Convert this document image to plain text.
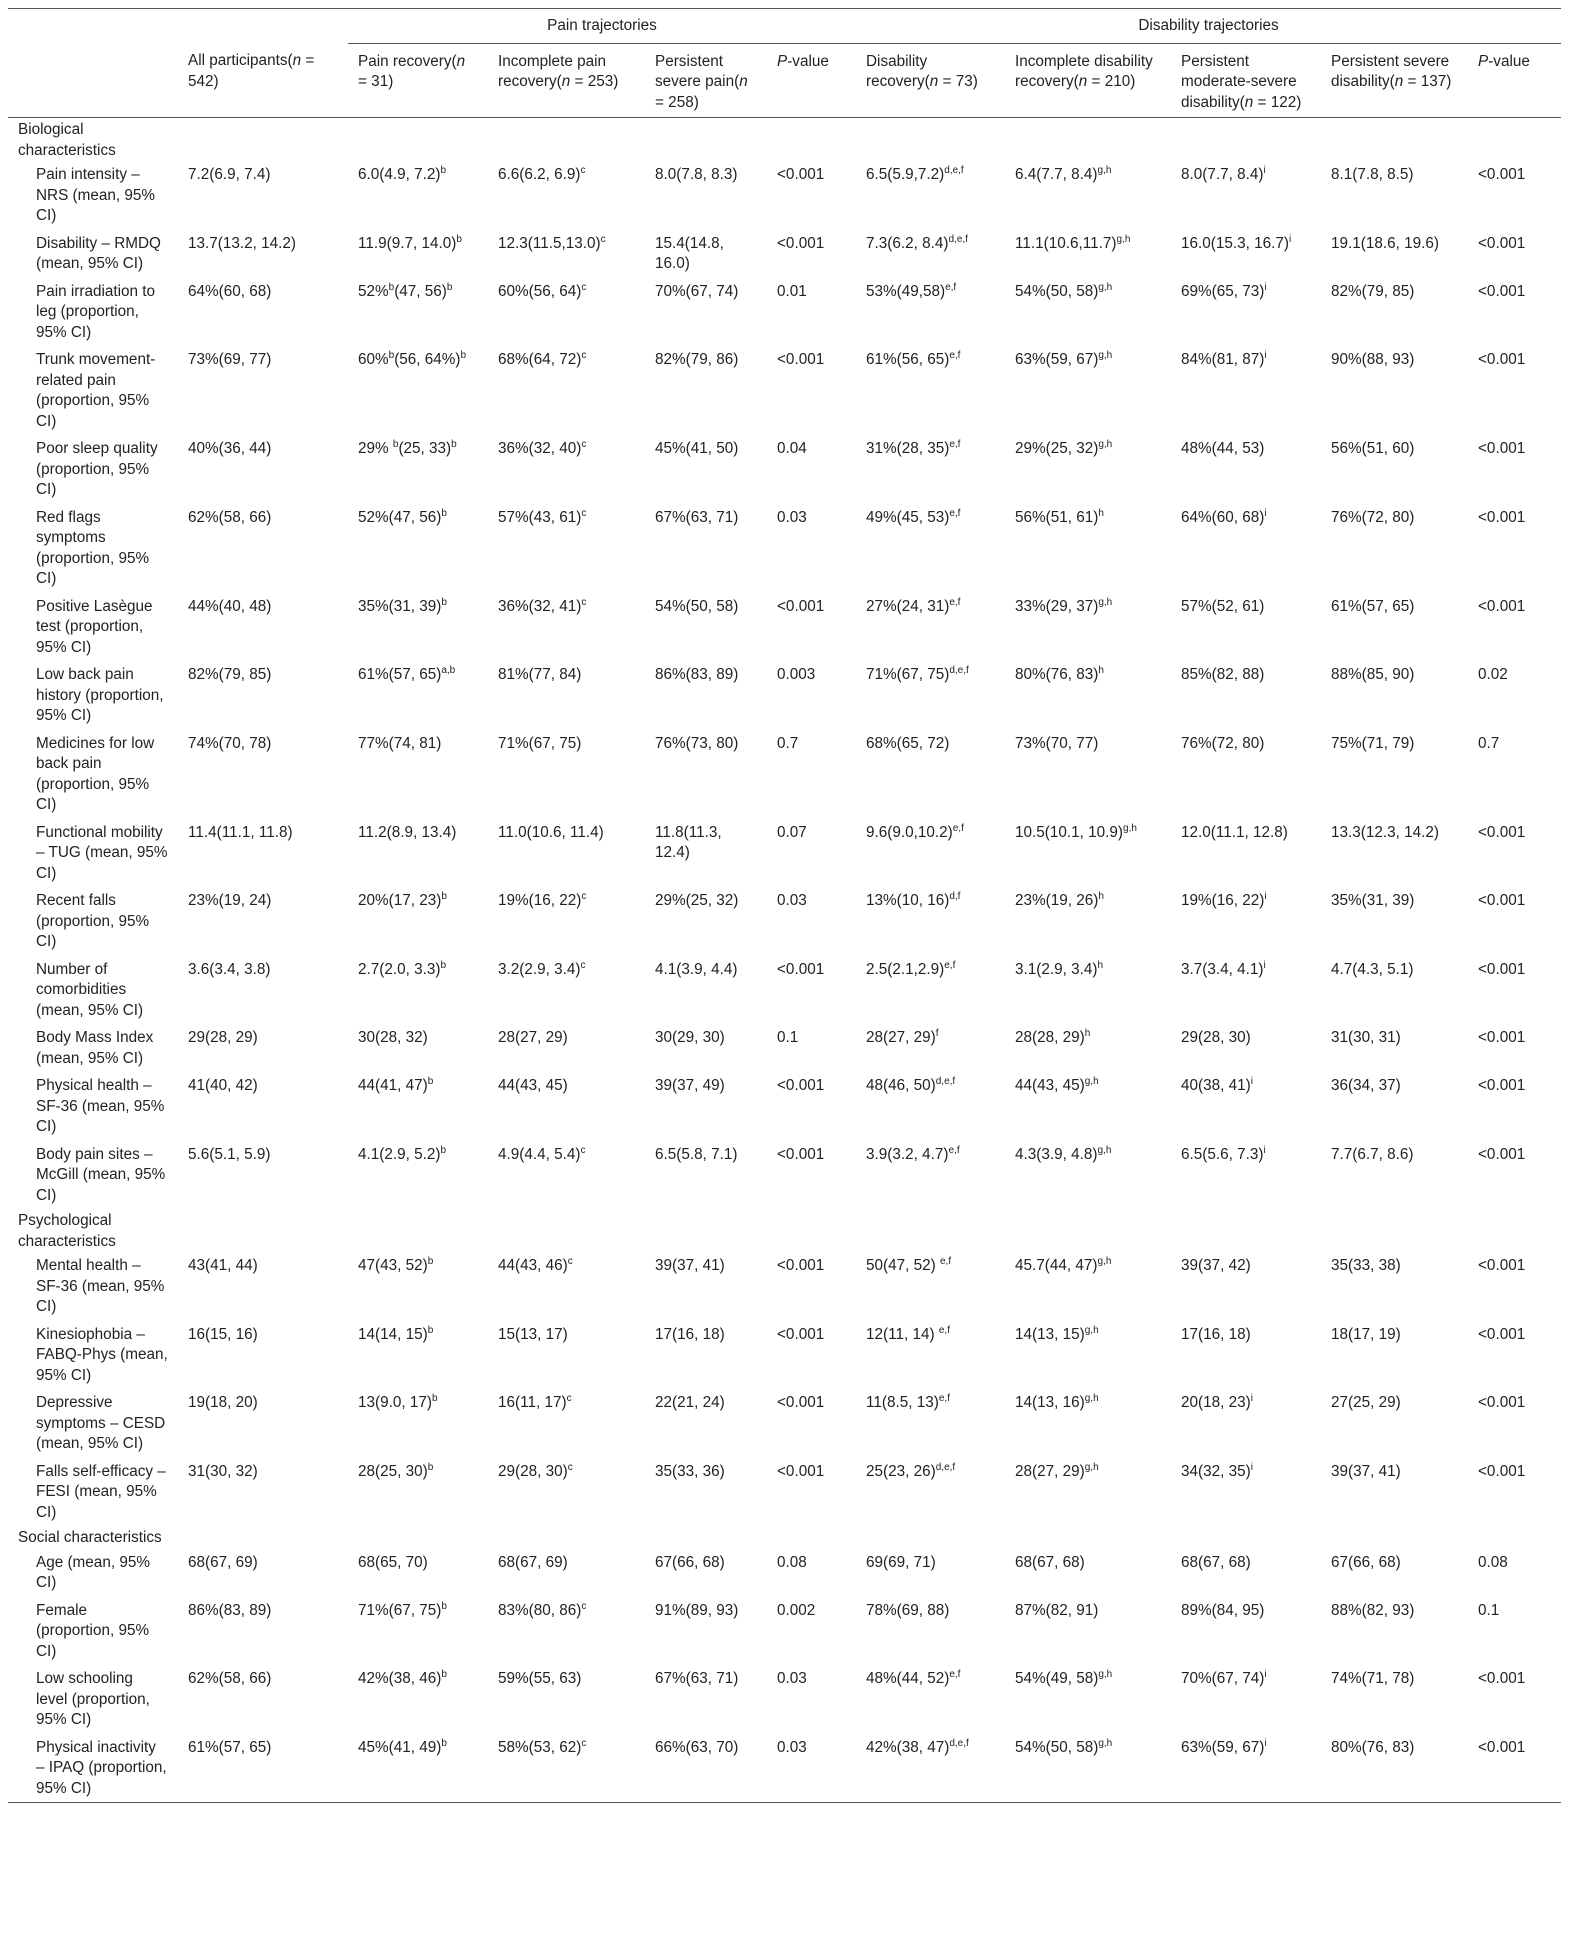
		Pain trajectories				Disability trajectories				
	All participants(n = 542)	Pain recovery(n = 31)	Incomplete pain recovery(n = 253)	Persistent severe pain(n = 258)	P-value	Disability recovery(n = 73)	Incomplete disability recovery(n = 210)	Persistent moderate-severe disability(n = 122)	Persistent severe disability(n = 137)	P-value
Biological characteristics										
Pain intensity – NRS (mean, 95% CI)	7.2(6.9, 7.4)	6.0(4.9, 7.2)$^b$	6.6(6.2, 6.9)$^c$	8.0(7.8, 8.3)	<0.001	$6.5(5.9,7.2)^{d,e,f}$	6.4(7.7, 8.4)$^{g,h}$	8.0(7.7, 8.4)$^i$	8.1(7.8, 8.5)	<0.001
Disability – RMDQ (mean, 95% CI)	13.7(13.2, 14.2)	11.9(9.7, 14.0)$^b$	$12.3(11.5,13.0)^c$	15.4(14.8, 16.0)	<0.001	7.3(6.2, 8.4)$^{d,e,f}$	$11.1(10.6,11.7)^{g,h}$	16.0(15.3, 16.7)$^i$	19.1(18.6, 19.6)	<0.001
Pain irradiation to leg (proportion, 95% CI)	64%(60, 68)	52%$^b$(47, 56)$^b$	60%(56, 64)$^c$	70%(67, 74)	0.01	$53\%(49,58)^{e,f}$	54%(50, 58)$^{g,h}$	69%(65, 73)$^i$	82%(79, 85)	<0.001
Trunk movement-related pain (proportion, 95% CI)	73%(69, 77)	60%$^b$(56, 64%)$^b$	68%(64, 72)$^c$	82%(79, 86)	<0.001	61%(56, 65)$^{e,f}$	63%(59, 67)$^{g,h}$	84%(81, 87)$^i$	90%(88, 93)	<0.001
Poor sleep quality (proportion, 95% CI)	40%(36, 44)	29% $^b$(25, 33)$^b$	36%(32, 40)$^c$	45%(41, 50)	0.04	31%(28, 35)$^{e,f}$	29%(25, 32)$^{g,h}$	48%(44, 53)	56%(51, 60)	<0.001
Red flags symptoms (proportion, 95% CI)	62%(58, 66)	52%(47, 56)$^b$	57%(43, 61)$^c$	67%(63, 71)	0.03	49%(45, 53)$^{e,f}$	56%(51, 61)$^h$	64%(60, 68)$^i$	76%(72, 80)	<0.001
Positive Lasègue test (proportion, 95% CI)	44%(40, 48)	35%(31, 39)$^b$	36%(32, 41)$^c$	54%(50, 58)	<0.001	27%(24, 31)$^{e,f}$	33%(29, 37)$^{g,h}$	57%(52, 61)	61%(57, 65)	<0.001
Low back pain history (proportion, 95% CI)	82%(79, 85)	61%(57, 65)$^{a,b}$	81%(77, 84)	86%(83, 89)	0.003	71%(67, 75)$^{d,e,f}$	80%(76, 83)$^h$	85%(82, 88)	88%(85, 90)	0.02
Medicines for low back pain (proportion, 95% CI)	74%(70, 78)	77%(74, 81)	71%(67, 75)	76%(73, 80)	0.7	68%(65, 72)	73%(70, 77)	76%(72, 80)	75%(71, 79)	0.7
Functional mobility – TUG (mean, 95% CI)	11.4(11.1, 11.8)	11.2(8.9, 13.4)	11.0(10.6, 11.4)	11.8(11.3, 12.4)	0.07	$9.6(9.0,10.2)^{e,f}$	10.5(10.1, 10.9)$^{g,h}$	12.0(11.1, 12.8)	13.3(12.3, 14.2)	<0.001
Recent falls (proportion, 95% CI)	23%(19, 24)	20%(17, 23)$^b$	19%(16, 22)$^c$	29%(25, 32)	0.03	13%(10, 16)$^{d,f}$	23%(19, 26)$^h$	19%(16, 22)$^i$	35%(31, 39)	<0.001
Number of comorbidities (mean, 95% CI)	3.6(3.4, 3.8)	2.7(2.0, 3.3)$^b$	3.2(2.9, 3.4)$^c$	4.1(3.9, 4.4)	<0.001	$2.5(2.1,2.9)^{e,f}$	3.1(2.9, 3.4)$^h$	3.7(3.4, 4.1)$^i$	4.7(4.3, 5.1)	<0.001
Body Mass Index (mean, 95% CI)	29(28, 29)	30(28, 32)	28(27, 29)	30(29, 30)	0.1	28(27, 29)$^f$	28(28, 29)$^h$	29(28, 30)	31(30, 31)	<0.001
Physical health – SF-36 (mean, 95% CI)	41(40, 42)	44(41, 47)$^b$	44(43, 45)	39(37, 49)	<0.001	48(46, 50)$^{d,e,f}$	44(43, 45)$^{g,h}$	40(38, 41)$^i$	36(34, 37)	<0.001
Body pain sites – McGill (mean, 95% CI)	5.6(5.1, 5.9)	4.1(2.9, 5.2)$^b$	4.9(4.4, 5.4)$^c$	6.5(5.8, 7.1)	<0.001	3.9(3.2, 4.7)$^{e,f}$	4.3(3.9, 4.8)$^{g,h}$	6.5(5.6, 7.3)$^i$	7.7(6.7, 8.6)	<0.001
Psychological characteristics										
Mental health – SF-36 (mean, 95% CI)	43(41, 44)	47(43, 52)$^b$	44(43, 46)$^c$	39(37, 41)	<0.001	50(47, 52) $^{e,f}$	45.7(44, 47)$^{g,h}$	39(37, 42)	35(33, 38)	<0.001
Kinesiophobia – FABQ-Phys (mean, 95% CI)	16(15, 16)	14(14, 15)$^b$	15(13, 17)	17(16, 18)	<0.001	12(11, 14) $^{e,f}$	14(13, 15)$^{g,h}$	17(16, 18)	18(17, 19)	<0.001
Depressive symptoms – CESD (mean, 95% CI)	19(18, 20)	13(9.0, 17)$^b$	16(11, 17)$^c$	22(21, 24)	<0.001	11(8.5, 13)$^{e,f}$	14(13, 16)$^{g,h}$	20(18, 23)$^i$	27(25, 29)	<0.001
Falls self-efficacy – FESI (mean, 95% CI)	31(30, 32)	28(25, 30)$^b$	29(28, 30)$^c$	35(33, 36)	<0.001	25(23, 26)$^{d,e,f}$	28(27, 29)$^{g,h}$	34(32, 35)$^i$	39(37, 41)	<0.001
Social characteristics										
Age (mean, 95% CI)	68(67, 69)	68(65, 70)	68(67, 69)	67(66, 68)	0.08	69(69, 71)	68(67, 68)	68(67, 68)	67(66, 68)	0.08
Female (proportion, 95% CI)	86%(83, 89)	71%(67, 75)$^b$	83%(80, 86)$^c$	91%(89, 93)	0.002	78%(69, 88)	87%(82, 91)	89%(84, 95)	88%(82, 93)	0.1
Low schooling level (proportion, 95% CI)	62%(58, 66)	42%(38, 46)$^b$	59%(55, 63)	67%(63, 71)	0.03	48%(44, 52)$^{e,f}$	54%(49, 58)$^{g,h}$	70%(67, 74)$^i$	74%(71, 78)	<0.001
Physical inactivity – IPAQ (proportion, 95% CI)	61%(57, 65)	45%(41, 49)$^b$	58%(53, 62)$^c$	66%(63, 70)	0.03	42%(38, 47)$^{d,e,f}$	54%(50, 58)$^{g,h}$	63%(59, 67)$^i$	80%(76, 83)	<0.001
